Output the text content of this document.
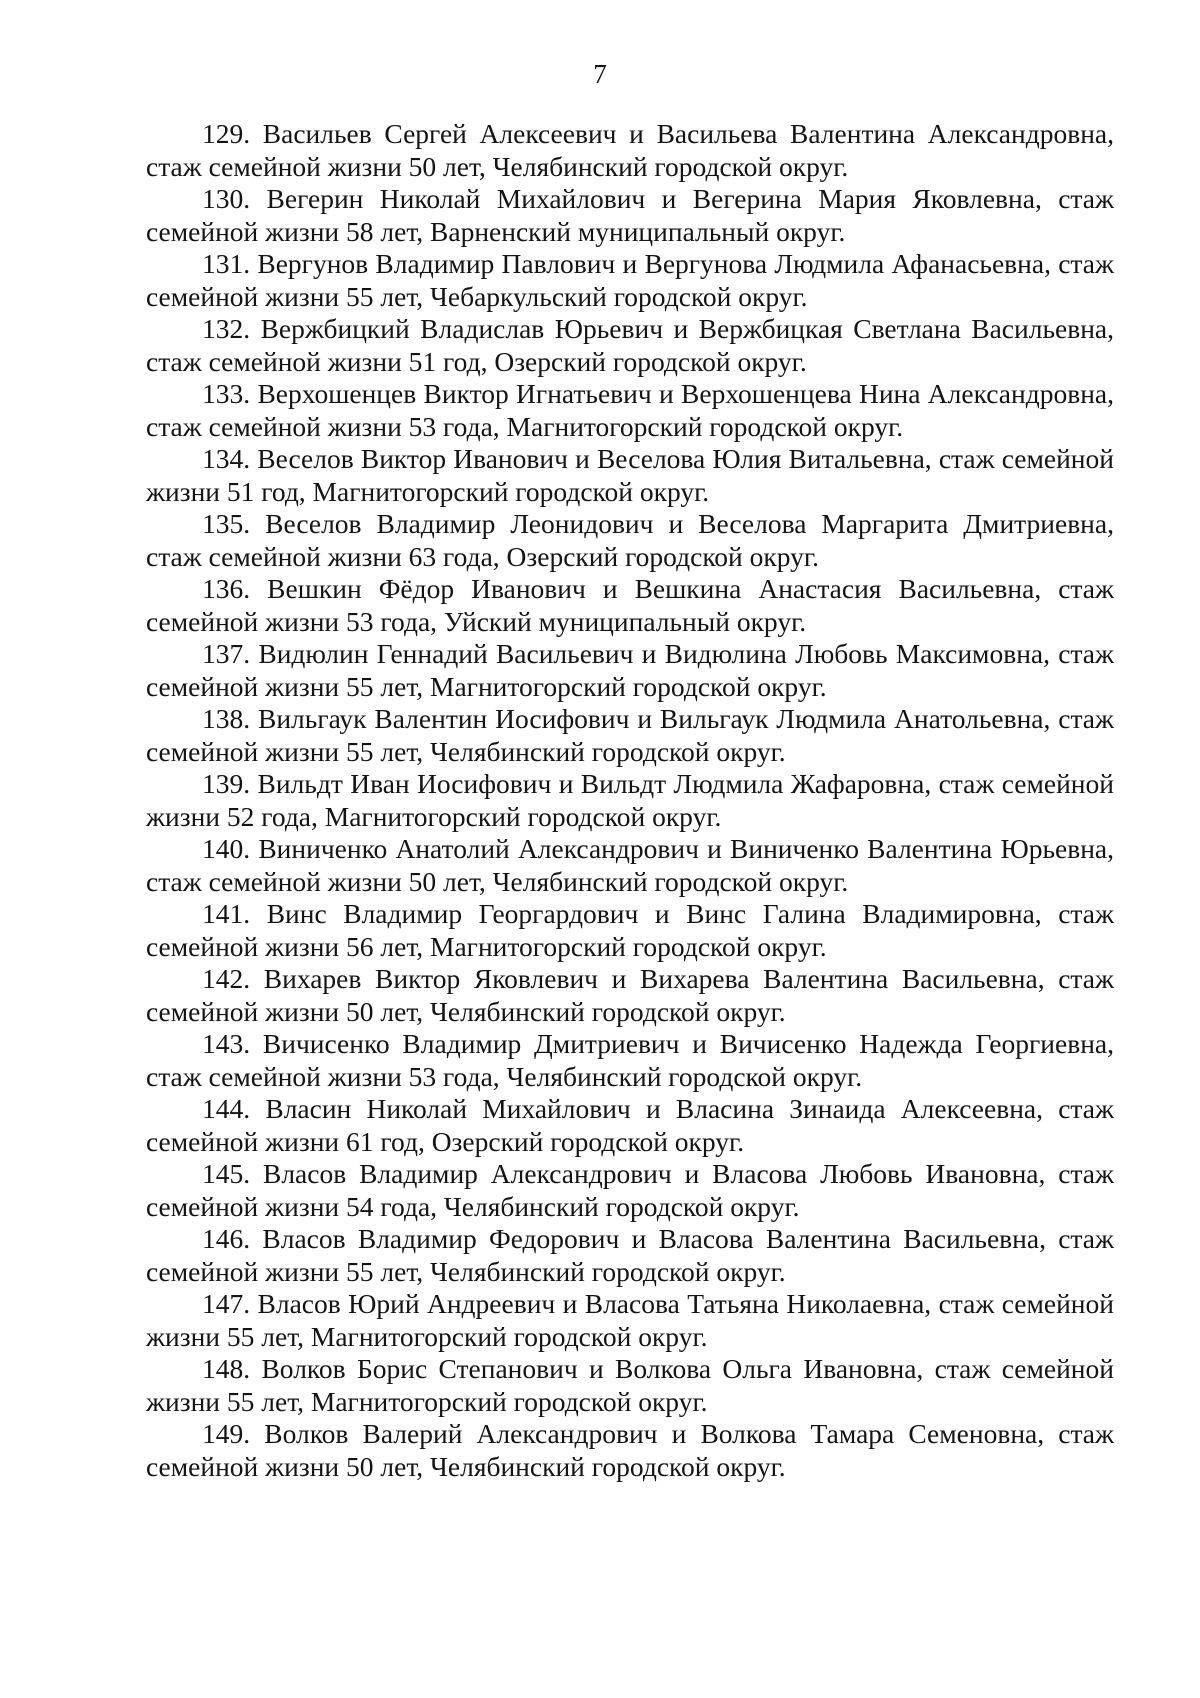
7

129. Васильев Сергей Алексеевич и Васильева Валентина Александровна, стаж семейной жизни 50 лет, Челябинский городской округ.

130. Вегерин Николай Михайлович и Вегерина Мария Яковлевна, стаж семейной жизни 58 лет, Варненский муниципальный округ.

131. Вергунов Владимир Павлович и Вергунова Людмила Афанасьевна, стаж семейной жизни 55 лет, Чебаркульский городской округ.

132. Вержбицкий Владислав Юрьевич и Вержбицкая Светлана Васильевна, стаж семейной жизни 51 год, Озерский городской округ.

133. Верхошенцев Виктор Игнатьевич и Верхошенцева Нина Александровна, стаж семейной жизни 53 года, Магнитогорский городской округ.

134. Веселов Виктор Иванович и Веселова Юлия Витальевна, стаж семейной жизни 51 год, Магнитогорский городской округ.

135. Веселов Владимир Леонидович и Веселова Маргарита Дмитриевна, стаж семейной жизни 63 года, Озерский городской округ.

136. Вешкин Фёдор Иванович и Вешкина Анастасия Васильевна, стаж семейной жизни 53 года, Уйский муниципальный округ.

137. Видюлин Геннадий Васильевич и Видюлина Любовь Максимовна, стаж семейной жизни 55 лет, Магнитогорский городской округ.

138. Вильгаук Валентин Иосифович и Вильгаук Людмила Анатольевна, стаж семейной жизни 55 лет, Челябинский городской округ.

139. Вильдт Иван Иосифович и Вильдт Людмила Жафаровна, стаж семейной жизни 52 года, Магнитогорский городской округ.

140. Виниченко Анатолий Александрович и Виниченко Валентина Юрьевна, стаж семейной жизни 50 лет, Челябинский городской округ.

141. Винс Владимир Георгардович и Винс Галина Владимировна, стаж семейной жизни 56 лет, Магнитогорский городской округ.

142. Вихарев Виктор Яковлевич и Вихарева Валентина Васильевна, стаж семейной жизни 50 лет, Челябинский городской округ.

143. Вичисенко Владимир Дмитриевич и Вичисенко Надежда Георгиевна, стаж семейной жизни 53 года, Челябинский городской округ.

144. Власин Николай Михайлович и Власина Зинаида Алексеевна, стаж семейной жизни 61 год, Озерский городской округ.

145. Власов Владимир Александрович и Власова Любовь Ивановна, стаж семейной жизни 54 года, Челябинский городской округ.

146. Власов Владимир Федорович и Власова Валентина Васильевна, стаж семейной жизни 55 лет, Челябинский городской округ.

147. Власов Юрий Андреевич и Власова Татьяна Николаевна, стаж семейной жизни 55 лет, Магнитогорский городской округ.

148. Волков Борис Степанович и Волкова Ольга Ивановна, стаж семейной жизни 55 лет, Магнитогорский городской округ.

149. Волков Валерий Александрович и Волкова Тамара Семеновна, стаж семейной жизни 50 лет, Челябинский городской округ.
